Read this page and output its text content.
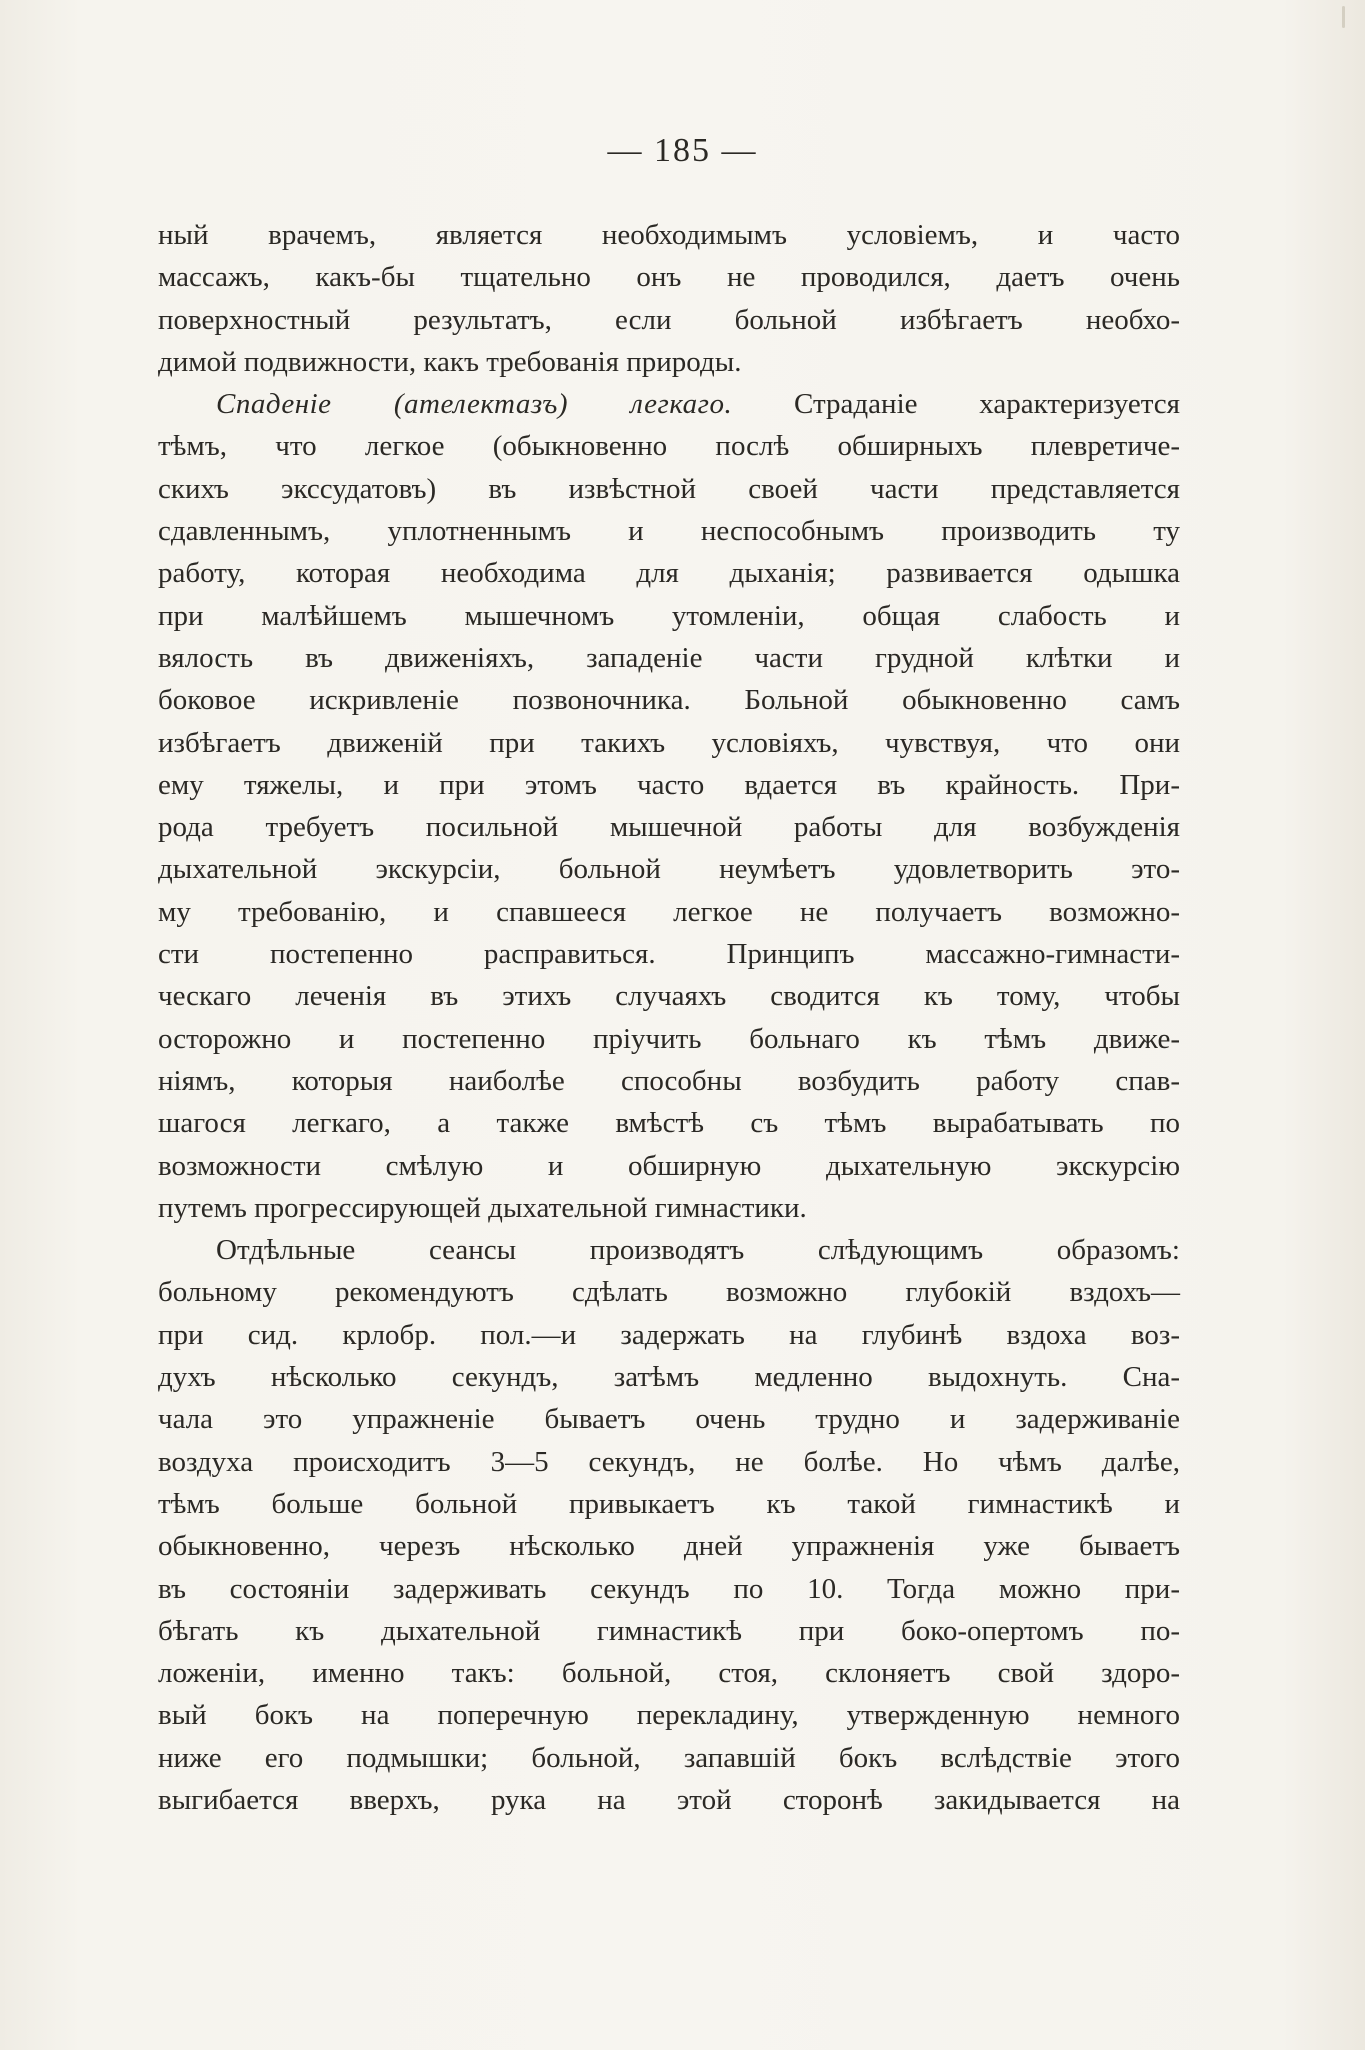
— 185 —
ный врачемъ, является необходимымъ условіемъ, и часто
массажъ, какъ-бы тщательно онъ не проводился, даетъ очень
поверхностный результатъ, если больной избѣгаетъ необхо-
димой подвижности, какъ требованія природы.
Спаденіе (ателектазъ) легкаго. Страданіе характеризуется
тѣмъ, что легкое (обыкновенно послѣ обширныхъ плевретиче-
скихъ экссудатовъ) въ извѣстной своей части представляется
сдавленнымъ, уплотненнымъ и неспособнымъ производить ту
работу, которая необходима для дыханія; развивается одышка
при малѣйшемъ мышечномъ утомленіи, общая слабость и
вялость въ движеніяхъ, западеніе части грудной клѣтки и
боковое искривленіе позвоночника. Больной обыкновенно самъ
избѣгаетъ движеній при такихъ условіяхъ, чувствуя, что они
ему тяжелы, и при этомъ часто вдается въ крайность. При-
рода требуетъ посильной мышечной работы для возбужденія
дыхательной экскурсіи, больной неумѣетъ удовлетворить это-
му требованію, и спавшееся легкое не получаетъ возможно-
сти постепенно расправиться. Принципъ массажно-гимнасти-
ческаго леченія въ этихъ случаяхъ сводится къ тому, чтобы
осторожно и постепенно пріучить больнаго къ тѣмъ движе-
ніямъ, которыя наиболѣе способны возбудить работу спав-
шагося легкаго, а также вмѣстѣ съ тѣмъ вырабатывать по
возможности смѣлую и обширную дыхательную экскурсію
путемъ прогрессирующей дыхательной гимнастики.
Отдѣльные сеансы производятъ слѣдующимъ образомъ:
больному рекомендуютъ сдѣлать возможно глубокій вздохъ—
при сид. крлобр. пол.—и задержать на глубинѣ вздоха воз-
духъ нѣсколько секундъ, затѣмъ медленно выдохнуть. Сна-
чала это упражненіе бываетъ очень трудно и задерживаніе
воздуха происходитъ 3—5 секундъ, не болѣе. Но чѣмъ далѣе,
тѣмъ больше больной привыкаетъ къ такой гимнастикѣ и
обыкновенно, черезъ нѣсколько дней упражненія уже бываетъ
въ состояніи задерживать секундъ по 10. Тогда можно при-
бѣгать къ дыхательной гимнастикѣ при боко-опертомъ по-
ложеніи, именно такъ: больной, стоя, склоняетъ свой здоро-
вый бокъ на поперечную перекладину, утвержденную немного
ниже его подмышки; больной, запавшій бокъ вслѣдствіе этого
выгибается вверхъ, рука на этой сторонѣ закидывается на
